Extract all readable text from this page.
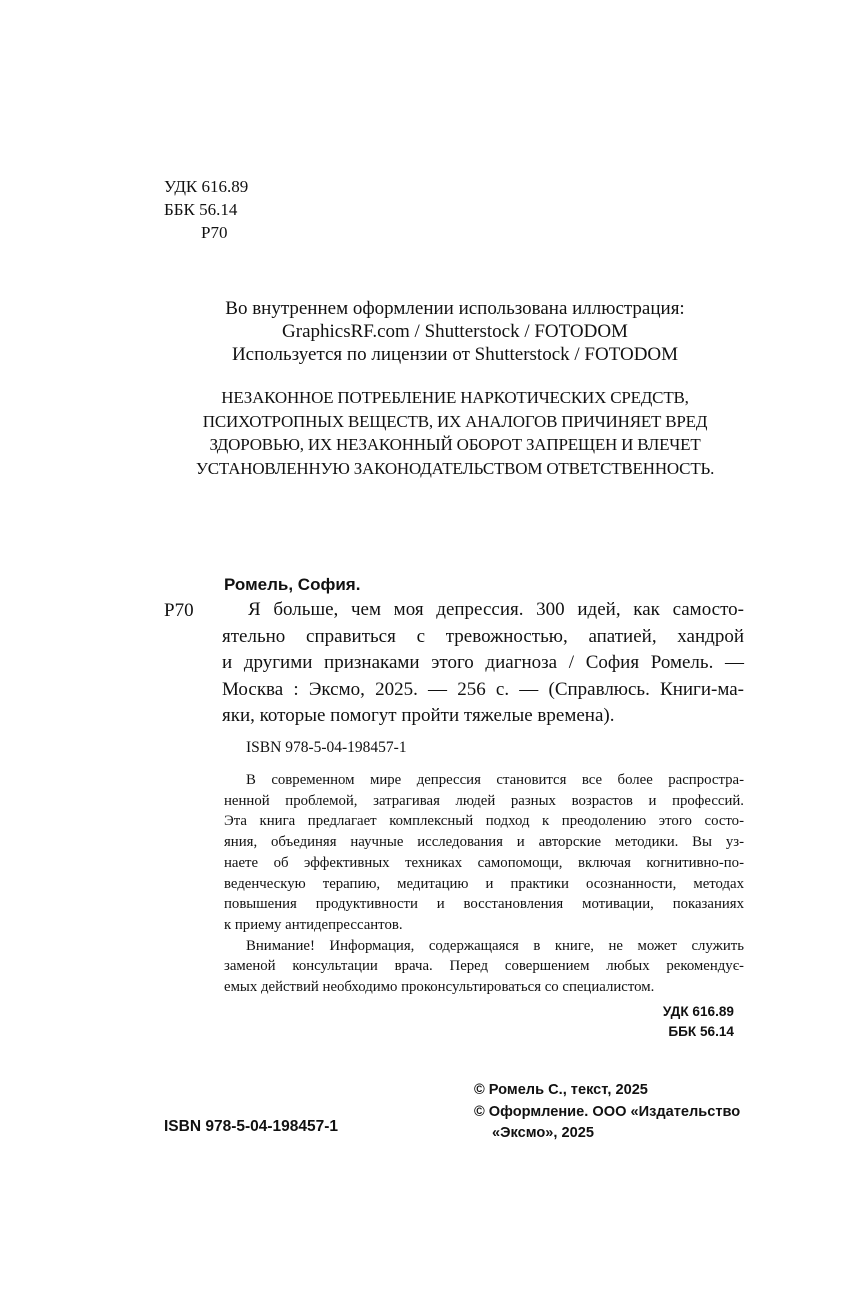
УДК 616.89
ББК 56.14
Р70
Во внутреннем оформлении использована иллюстрация:
GraphicsRF.com / Shutterstock / FOTODOM
Используется по лицензии от Shutterstock / FOTODOM
НЕЗАКОННОЕ ПОТРЕБЛЕНИЕ НАРКОТИЧЕСКИХ СРЕДСТВ,
ПСИХОТРОПНЫХ ВЕЩЕСТВ, ИХ АНАЛОГОВ ПРИЧИНЯЕТ ВРЕД
ЗДОРОВЬЮ, ИХ НЕЗАКОННЫЙ ОБОРОТ ЗАПРЕЩЕН И ВЛЕЧЕТ
УСТАНОВЛЕННУЮ ЗАКОНОДАТЕЛЬСТВОМ ОТВЕТСТВЕННОСТЬ.
Ромель, София.
Р70	Я больше, чем моя депрессия. 300 идей, как самосто-
ятельно справиться с тревожностью, апатией, хандрой
и другими признаками этого диагноза / София Ромель. —
Москва : Эксмо, 2025. — 256 с. — (Справлюсь. Книги-ма-
яки, которые помогут пройти тяжелые времена).
ISBN 978-5-04-198457-1
В современном мире депрессия становится все более распростра-
ненной проблемой, затрагивая людей разных возрастов и профессий.
Эта книга предлагает комплексный подход к преодолению этого состо-
яния, объединяя научные исследования и авторские методики. Вы уз-
наете об эффективных техниках самопомощи, включая когнитивно-по-
веденческую терапию, медитацию и практики осознанности, методах
повышения продуктивности и восстановления мотивации, показаниях
к приему антидепрессантов.
Внимание! Информация, содержащаяся в книге, не может служить
заменой консультации врача. Перед совершением любых рекомендує-
емых действий необходимо проконсультироваться со специалистом.
УДК 616.89
ББК 56.14
© Ромель С., текст, 2025
© Оформление. ООО «Издательство
«Эксмо», 2025
ISBN 978-5-04-198457-1
